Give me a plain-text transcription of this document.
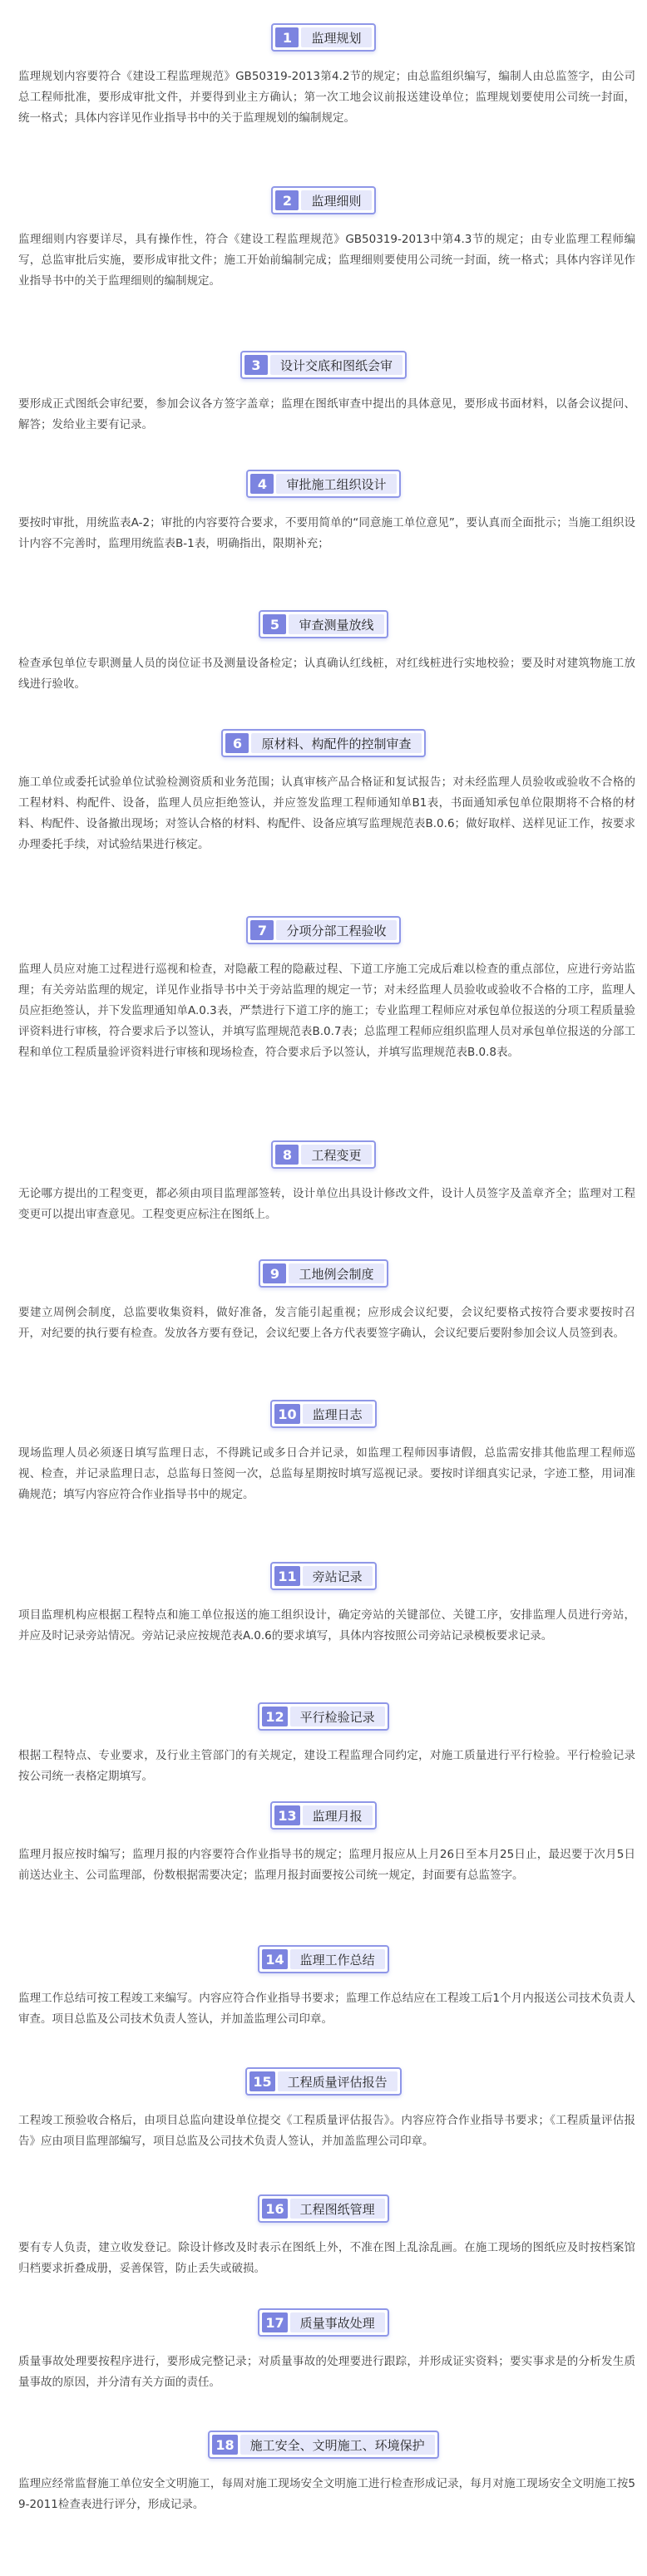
1	监理规划
监理规划内容要符合《建设工程监理规范》GB50319-2013第4.2节的规定；由总监组织编写，编制人由总监签字，由公司总工程师批准，要形成审批文件，并要得到业主方确认；第一次工地会议前报送建设单位；监理规划要使用公司统一封面，统一格式；具体内容详见作业指导书中的关于监理规划的编制规定。
2	监理细则
监理细则内容要详尽，具有操作性，符合《建设工程监理规范》GB50319-2013中第4.3节的规定；由专业监理工程师编写，总监审批后实施，要形成审批文件；施工开始前编制完成；监理细则要使用公司统一封面，统一格式；具体内容详见作业指导书中的关于监理细则的编制规定。
3	设计交底和图纸会审
要形成正式图纸会审纪要，参加会议各方签字盖章；监理在图纸审查中提出的具体意见，要形成书面材料，以备会议提问、解答；发给业主要有记录。
4	审批施工组织设计
要按时审批，用统监表A-2；审批的内容要符合要求，不要用简单的“同意施工单位意见”，要认真而全面批示；当施工组织设计内容不完善时，监理用统监表B-1表，明确指出，限期补充；
5	审查测量放线
检查承包单位专职测量人员的岗位证书及测量设备检定；认真确认红线桩，对红线桩进行实地校验；要及时对建筑物施工放线进行验收。
6	原材料、构配件的控制审查
施工单位或委托试验单位试验检测资质和业务范围；认真审核产品合格证和复试报告；对未经监理人员验收或验收不合格的工程材料、构配件、设备，监理人员应拒绝签认，并应签发监理工程师通知单B1表，书面通知承包单位限期将不合格的材料、构配件、设备撤出现场；对签认合格的材料、构配件、设备应填写监理规范表B.0.6；做好取样、送样见证工作，按要求办理委托手续，对试验结果进行核定。
7	分项分部工程验收
监理人员应对施工过程进行巡视和检查，对隐蔽工程的隐蔽过程、下道工序施工完成后难以检查的重点部位，应进行旁站监理；有关旁站监理的规定，详见作业指导书中关于旁站监理的规定一节；对未经监理人员验收或验收不合格的工序，监理人员应拒绝签认，并下发监理通知单A.0.3表，严禁进行下道工序的施工；专业监理工程师应对承包单位报送的分项工程质量验评资料进行审核，符合要求后予以签认，并填写监理规范表B.0.7表；总监理工程师应组织监理人员对承包单位报送的分部工程和单位工程质量验评资料进行审核和现场检查，符合要求后予以签认，并填写监理规范表B.0.8表。
8	工程变更
无论哪方提出的工程变更，都必须由项目监理部签转，设计单位出具设计修改文件，设计人员签字及盖章齐全；监理对工程变更可以提出审查意见。工程变更应标注在图纸上。
9	工地例会制度
要建立周例会制度，总监要收集资料，做好准备，发言能引起重视；应形成会议纪要，会议纪要格式按符合要求要按时召开，对纪要的执行要有检查。发放各方要有登记，会议纪要上各方代表要签字确认，会议纪要后要附参加会议人员签到表。
10	监理日志
现场监理人员必须逐日填写监理日志，不得跳记或多日合并记录，如监理工程师因事请假，总监需安排其他监理工程师巡视、检查，并记录监理日志，总监每日签阅一次，总监每星期按时填写巡视记录。要按时详细真实记录，字迹工整，用词准确规范；填写内容应符合作业指导书中的规定。
11	旁站记录
项目监理机构应根据工程特点和施工单位报送的施工组织设计，确定旁站的关键部位、关键工序，安排监理人员进行旁站，并应及时记录旁站情况。旁站记录应按规范表A.0.6的要求填写，具体内容按照公司旁站记录模板要求记录。
12	平行检验记录
根据工程特点、专业要求，及行业主管部门的有关规定，建设工程监理合同约定，对施工质量进行平行检验。平行检验记录按公司统一表格定期填写。
13	监理月报
监理月报应按时编写；监理月报的内容要符合作业指导书的规定；监理月报应从上月26日至本月25日止，最迟要于次月5日前送达业主、公司监理部，份数根据需要决定；监理月报封面要按公司统一规定，封面要有总监签字。
14	监理工作总结
监理工作总结可按工程竣工来编写。内容应符合作业指导书要求；监理工作总结应在工程竣工后1个月内报送公司技术负责人审查。项目总监及公司技术负责人签认，并加盖监理公司印章。
15	工程质量评估报告
工程竣工预验收合格后，由项目总监向建设单位提交《工程质量评估报告》。内容应符合作业指导书要求；《工程质量评估报告》应由项目监理部编写，项目总监及公司技术负责人签认，并加盖监理公司印章。
16	工程图纸管理
要有专人负责，建立收发登记。除设计修改及时表示在图纸上外，不准在图上乱涂乱画。在施工现场的图纸应及时按档案馆归档要求折叠成册，妥善保管，防止丢失或破损。
17	质量事故处理
质量事故处理要按程序进行，要形成完整记录；对质量事故的处理要进行跟踪，并形成证实资料；要实事求是的分析发生质量事故的原因，并分清有关方面的责任。
18	施工安全、文明施工、环境保护
监理应经常监督施工单位安全文明施工，每周对施工现场安全文明施工进行检查形成记录，每月对施工现场安全文明施工按59-2011检查表进行评分，形成记录。
